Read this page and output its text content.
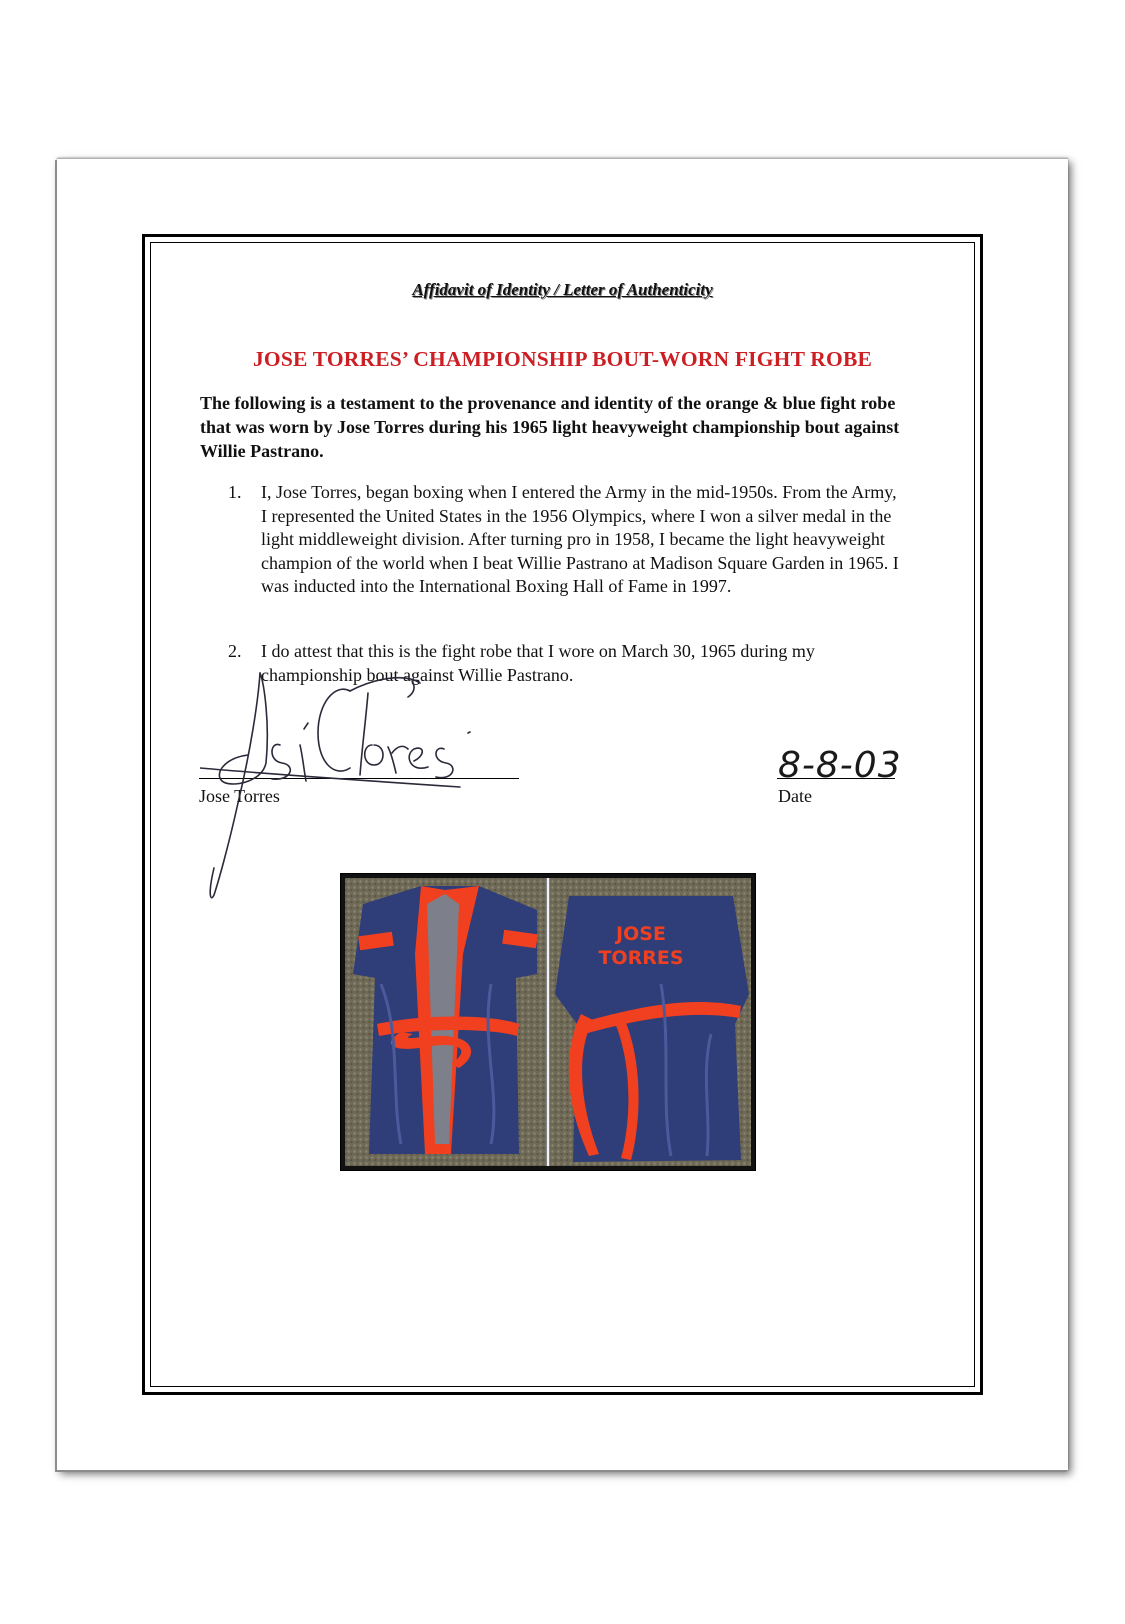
Affidavit of Identity / Letter of Authenticity
JOSE TORRES’ CHAMPIONSHIP BOUT-WORN FIGHT ROBE
The following is a testament to the provenance and identity of the orange & blue fight robe that was worn by Jose Torres during his 1965 light heavyweight championship bout against Willie Pastrano.
1. I, Jose Torres, began boxing when I entered the Army in the mid-1950s. From the Army, I represented the United States in the 1956 Olympics, where I won a silver medal in the light middleweight division. After turning pro in 1958, I became the light heavyweight champion of the world when I beat Willie Pastrano at Madison Square Garden in 1965. I was inducted into the International Boxing Hall of Fame in 1997.
2. I do attest that this is the fight robe that I wore on March 30, 1965 during my championship bout against Willie Pastrano.
Jose Torres	Date
8-8-03
JOSE
TORRES
